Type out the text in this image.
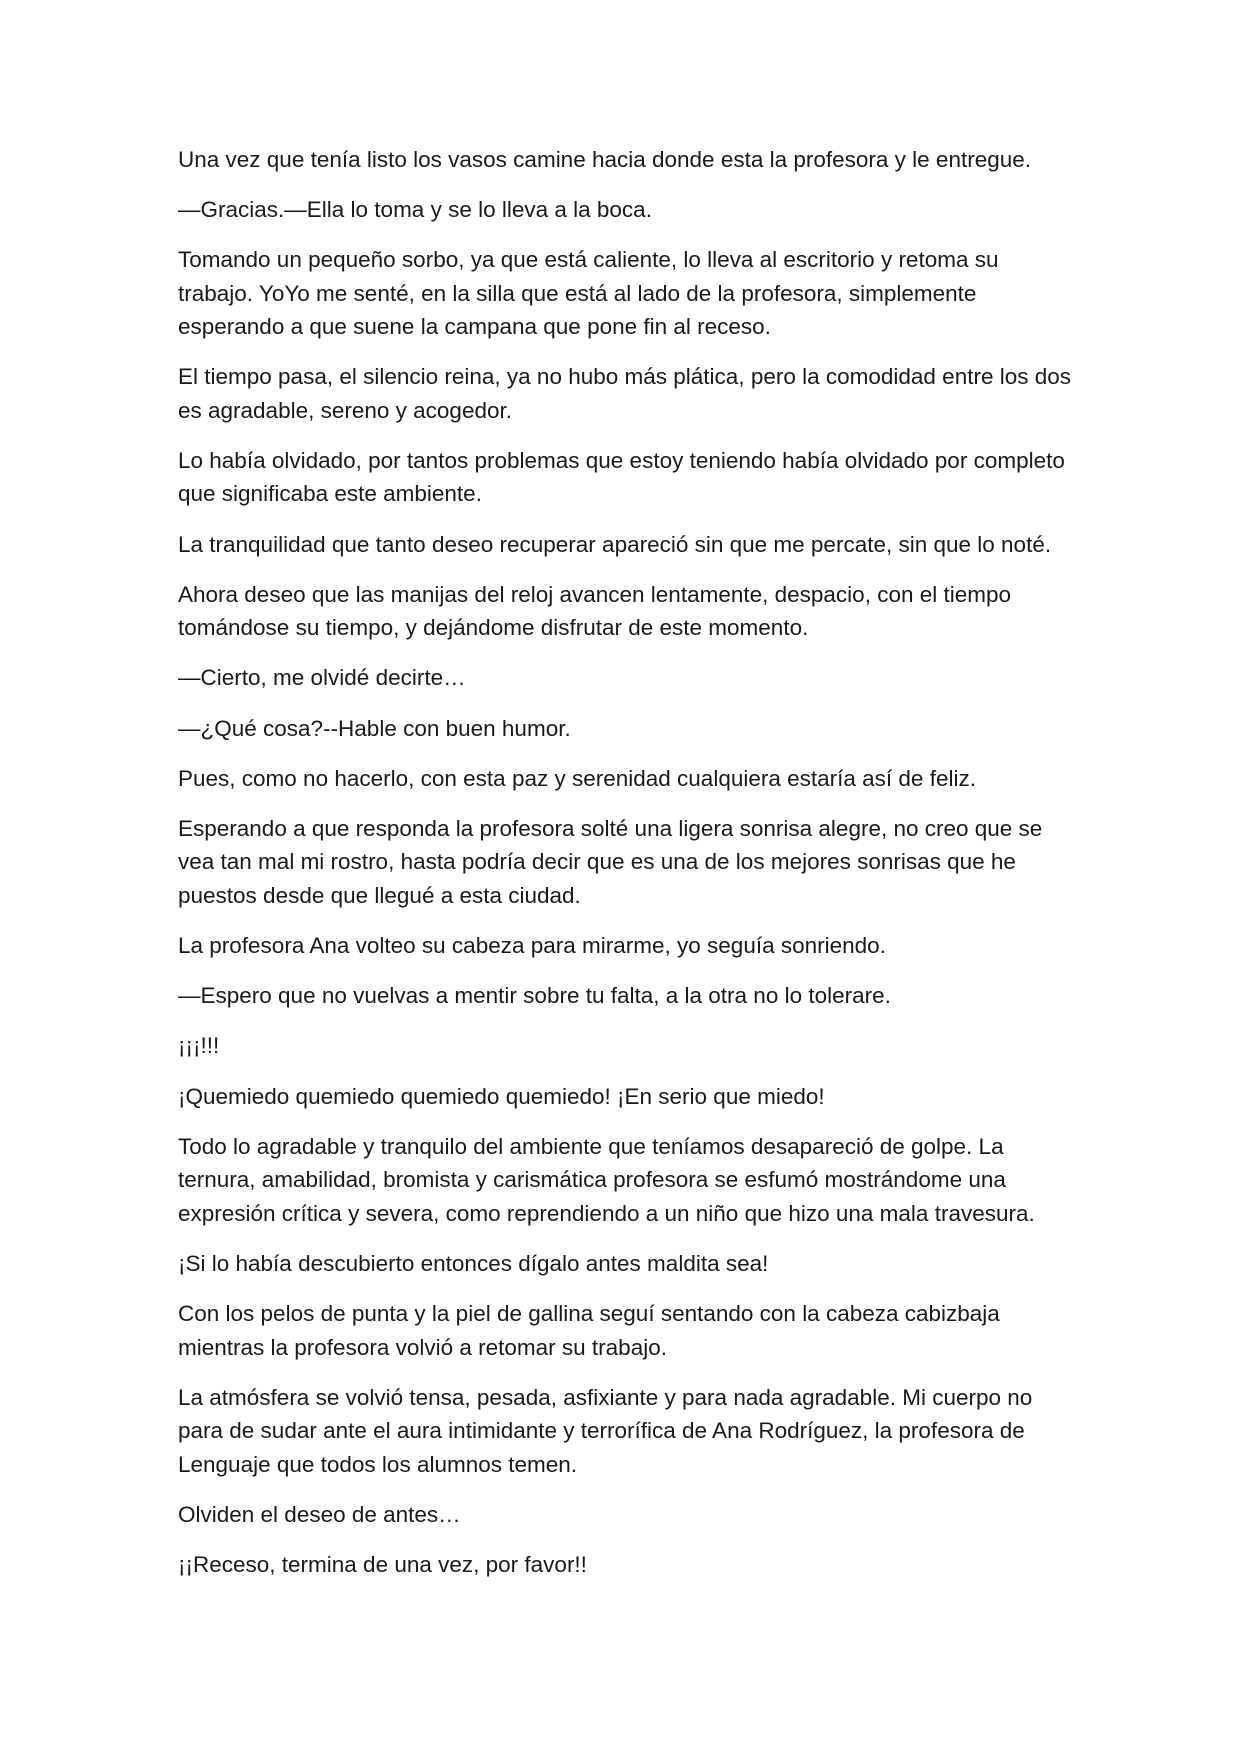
Una vez que tenía listo los vasos camine hacia donde esta la profesora y le entregue.

—Gracias.—Ella lo toma y se lo lleva a la boca.

Tomando un pequeño sorbo, ya que está caliente, lo lleva al escritorio y retoma su trabajo. YoYo me senté, en la silla que está al lado de la profesora, simplemente esperando a que suene la campana que pone fin al receso.

El tiempo pasa, el silencio reina, ya no hubo más plática, pero la comodidad entre los dos es agradable, sereno y acogedor.

Lo había olvidado, por tantos problemas que estoy teniendo había olvidado por completo que significaba este ambiente.

La tranquilidad que tanto deseo recuperar apareció sin que me percate, sin que lo noté.

Ahora deseo que las manijas del reloj avancen lentamente, despacio, con el tiempo tomándose su tiempo, y dejándome disfrutar de este momento.

—Cierto, me olvidé decirte…

—¿Qué cosa?--Hable con buen humor.

Pues, como no hacerlo, con esta paz y serenidad cualquiera estaría así de feliz.

Esperando a que responda la profesora solté una ligera sonrisa alegre, no creo que se vea tan mal mi rostro, hasta podría decir que es una de los mejores sonrisas que he puestos desde que llegué a esta ciudad.

La profesora Ana volteo su cabeza para mirarme, yo seguía sonriendo.

—Espero que no vuelvas a mentir sobre tu falta, a la otra no lo tolerare.

¡¡¡!!!

¡Quemiedo quemiedo quemiedo quemiedo! ¡En serio que miedo!

Todo lo agradable y tranquilo del ambiente que teníamos desapareció de golpe. La ternura, amabilidad, bromista y carismática profesora se esfumó mostrándome una expresión crítica y severa, como reprendiendo a un niño que hizo una mala travesura.

¡Si lo había descubierto entonces dígalo antes maldita sea!

Con los pelos de punta y la piel de gallina seguí sentando con la cabeza cabizbaja mientras la profesora volvió a retomar su trabajo.

La atmósfera se volvió tensa, pesada, asfixiante y para nada agradable. Mi cuerpo no para de sudar ante el aura intimidante y terrorífica de Ana Rodríguez, la profesora de Lenguaje que todos los alumnos temen.

Olviden el deseo de antes…

¡¡Receso, termina de una vez, por favor!!
